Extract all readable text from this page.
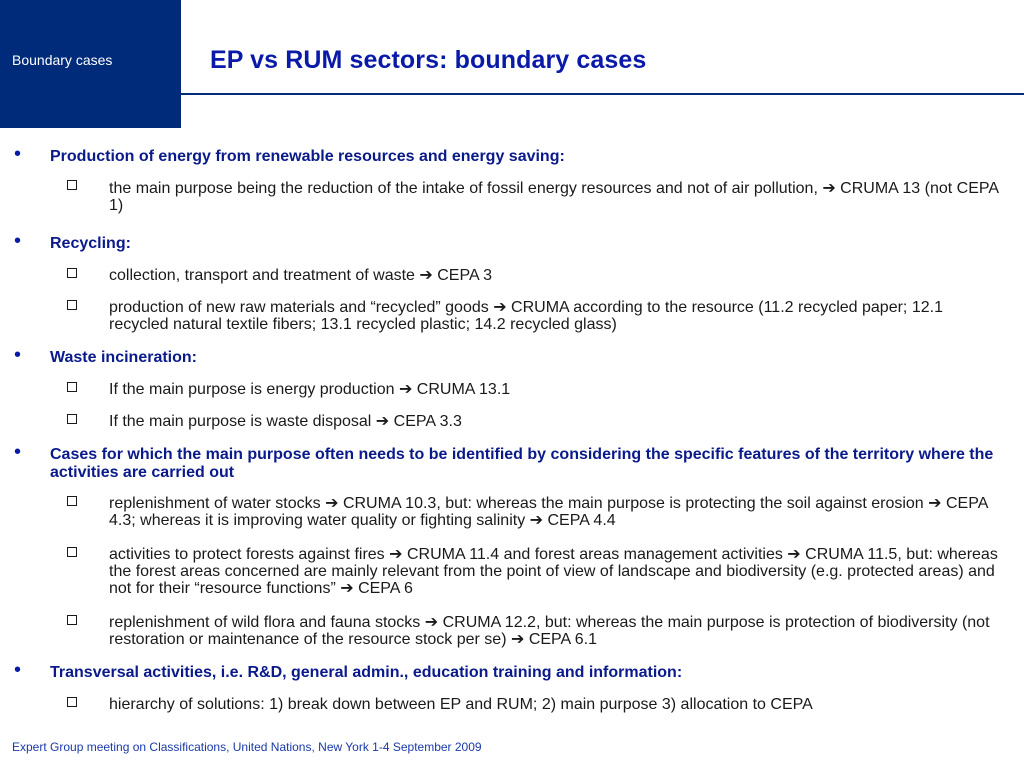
Boundary cases	EP vs RUM sectors: boundary cases
• Production of energy from renewable resources and energy saving:
the main purpose being the reduction of the intake of fossil energy resources and not of air pollution, ➔ CRUMA 13 (not CEPA 1)
• Recycling:
collection, transport and treatment of waste ➔ CEPA 3
production of new raw materials and “recycled” goods ➔ CRUMA according to the resource (11.2 recycled paper; 12.1 recycled natural textile fibers; 13.1 recycled plastic; 14.2 recycled glass)
• Waste incineration:
If the main purpose is energy production ➔ CRUMA 13.1
If the main purpose is waste disposal ➔ CEPA 3.3
• Cases for which the main purpose often needs to be identified by considering the specific features of the territory where the activities are carried out
replenishment of water stocks ➔ CRUMA 10.3, but: whereas the main purpose is protecting the soil against erosion ➔ CEPA 4.3; whereas it is improving water quality or fighting salinity ➔ CEPA 4.4
activities to protect forests against fires ➔ CRUMA 11.4 and forest areas management activities ➔ CRUMA 11.5, but: whereas the forest areas concerned are mainly relevant from the point of view of landscape and biodiversity (e.g. protected areas) and not for their “resource functions” ➔ CEPA 6
replenishment of wild flora and fauna stocks ➔ CRUMA 12.2, but: whereas the main purpose is protection of biodiversity (not restoration or maintenance of the resource stock per se) ➔ CEPA 6.1
• Transversal activities, i.e. R&D, general admin., education training and information:
hierarchy of solutions: 1) break down between EP and RUM; 2) main purpose 3) allocation to CEPA
Expert Group meeting on Classifications, United Nations, New York 1-4 September 2009
